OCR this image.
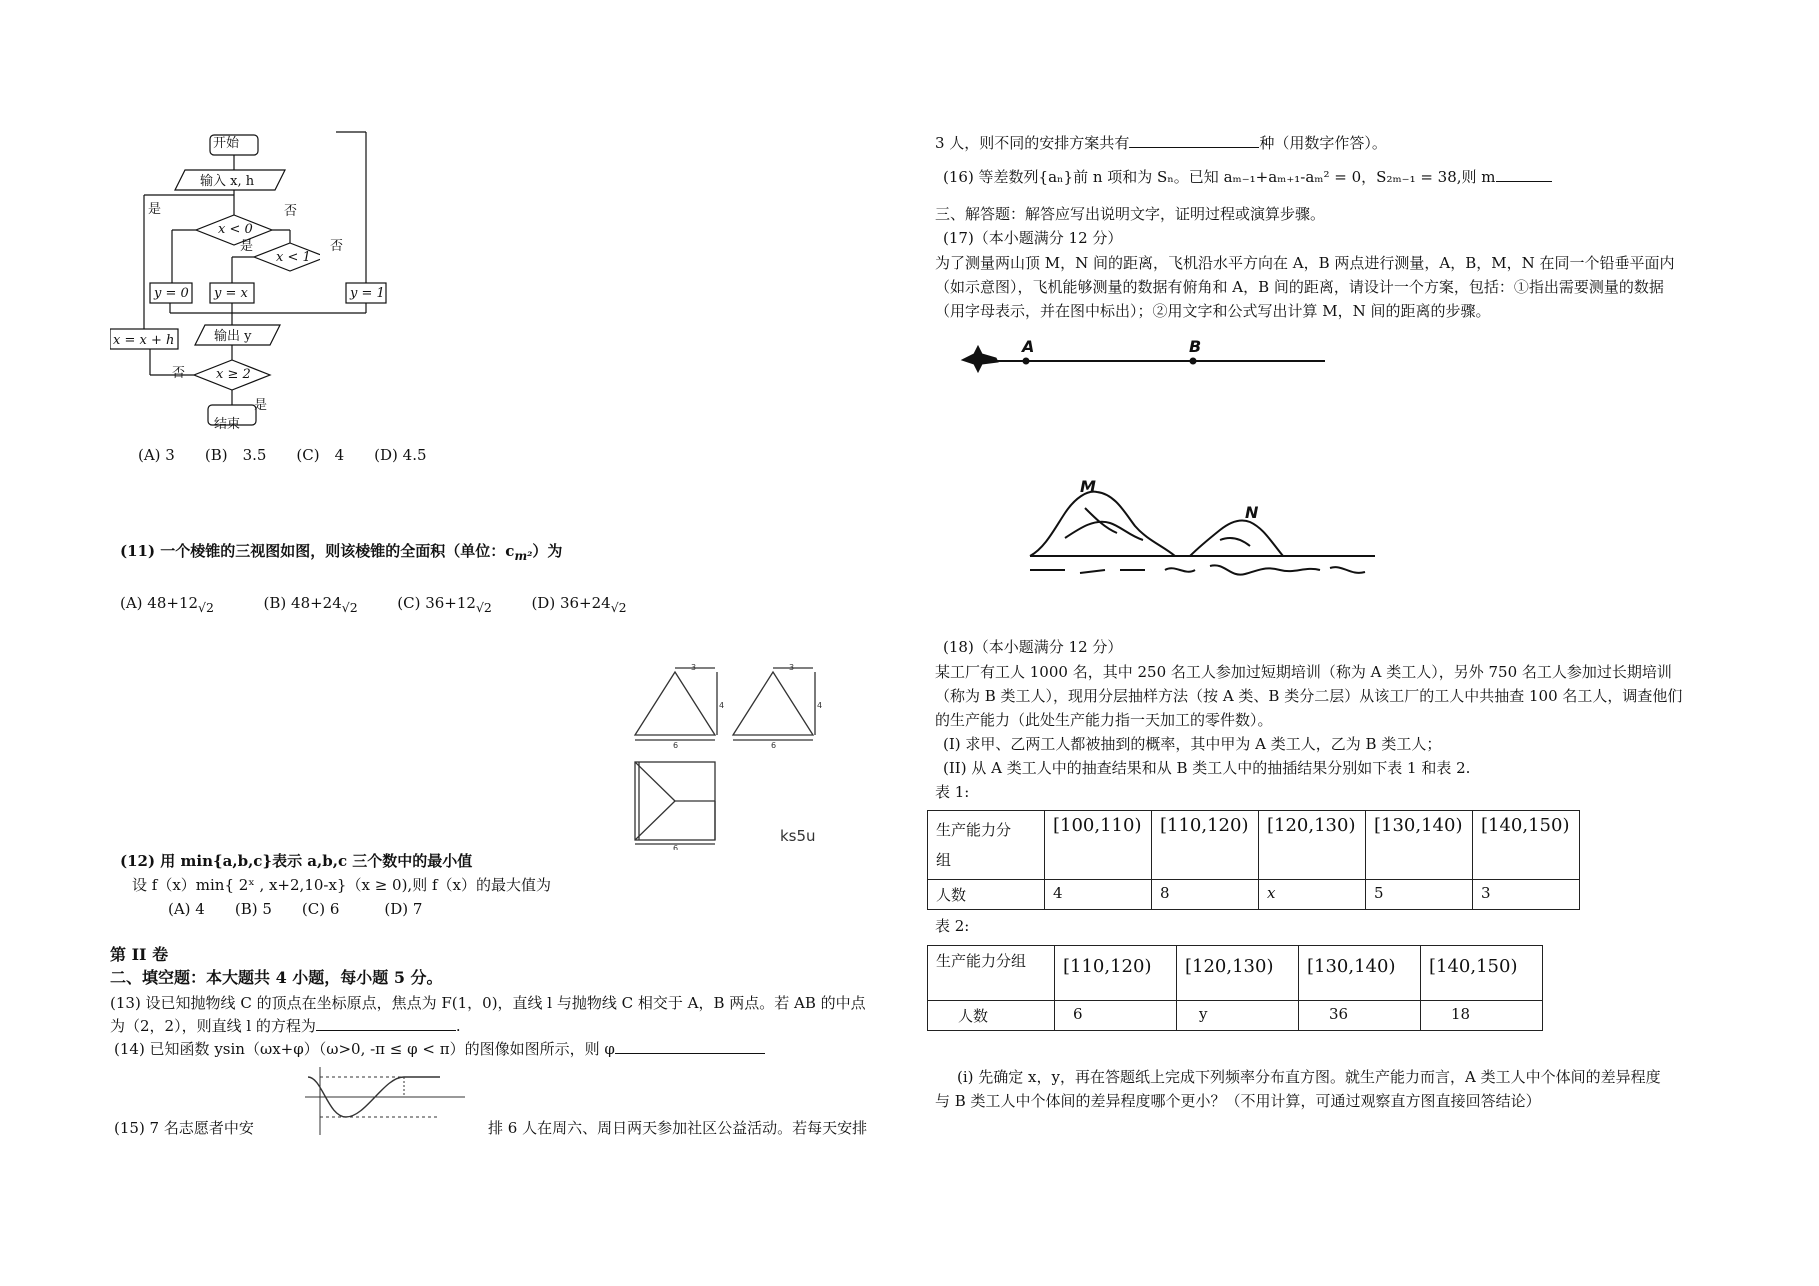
开始
输入 x, h
是	否
x < 0
是	否
x < 1
y = 0 y = x	y = 1
输出 y
x = x + h
否 x ≥ 2
是
结束
(A) 3　　(B)　3.5　　(C)　4　　(D) 4.5
(11) 一个棱锥的三视图如图，则该棱锥的全面积（单位：$c_{m^2}$）为
(A) $48+12_{√2}$	(B) $48+24_{√2}$	(C) $36+12_{√2}$	(D) $36+24_{√2}$
3
4
6
3
4
6
6
ks5u
(12) 用 min{a,b,c}表示 a,b,c 三个数中的最小值
设 f（x）min{ 2ˣ , x+2,10-x}（x ≥ 0),则 f（x）的最大值为
(A) 4　　(B) 5　　(C) 6　　　(D) 7
第 II 卷
二、填空题：本大题共 4 小题，每小题 5 分。
(13) 设已知抛物线 C 的顶点在坐标原点，焦点为 F(1，0)，直线 l 与抛物线 C 相交于 A，B 两点。若 AB 的中点
为（2，2），则直线 l 的方程为	.
(14) 已知函数 ysin（ωx+φ）（ω>0, -π ≤ φ < π）的图像如图所示，则 φ
(15) 7 名志愿者中安	排 6 人在周六、周日两天参加社区公益活动。若每天安排
3 人，则不同的安排方案共有	种（用数字作答）。
(16) 等差数列{aₙ}前 n 项和为 Sₙ。已知 aₘ₋₁+aₘ₊₁-aₘ² = 0，S₂ₘ₋₁ = 38,则 m
三、解答题：解答应写出说明文字，证明过程或演算步骤。
(17)（本小题满分 12 分）
为了测量两山顶 M，N 间的距离，飞机沿水平方向在 A，B 两点进行测量，A，B，M，N 在同一个铅垂平面内
（如示意图），飞机能够测量的数据有俯角和 A，B 间的距离，请设计一个方案，包括：①指出需要测量的数据
（用字母表示，并在图中标出）；②用文字和公式写出计算 M，N 间的距离的步骤。
A	B
M
N
(18)（本小题满分 12 分）
某工厂有工人 1000 名，其中 250 名工人参加过短期培训（称为 A 类工人），另外 750 名工人参加过长期培训
（称为 B 类工人），现用分层抽样方法（按 A 类、B 类分二层）从该工厂的工人中共抽查 100 名工人，调查他们
的生产能力（此处生产能力指一天加工的零件数）。
(I) 求甲、乙两工人都被抽到的概率，其中甲为 A 类工人，乙为 B 类工人；
(II) 从 A 类工人中的抽查结果和从 B 类工人中的抽插结果分别如下表 1 和表 2.
表 1:
生产能力分
组	[100,110)	[110,120)	[120,130)	[130,140)	[140,150)
人数	4	8	x	5	3
表 2:
生产能力分组	[110,120)	[120,130)	[130,140)	[140,150)
人数	6	y	36	18
(i) 先确定 x，y，再在答题纸上完成下列频率分布直方图。就生产能力而言，A 类工人中个体间的差异程度
与 B 类工人中个体间的差异程度哪个更小？（不用计算，可通过观察直方图直接回答结论）
